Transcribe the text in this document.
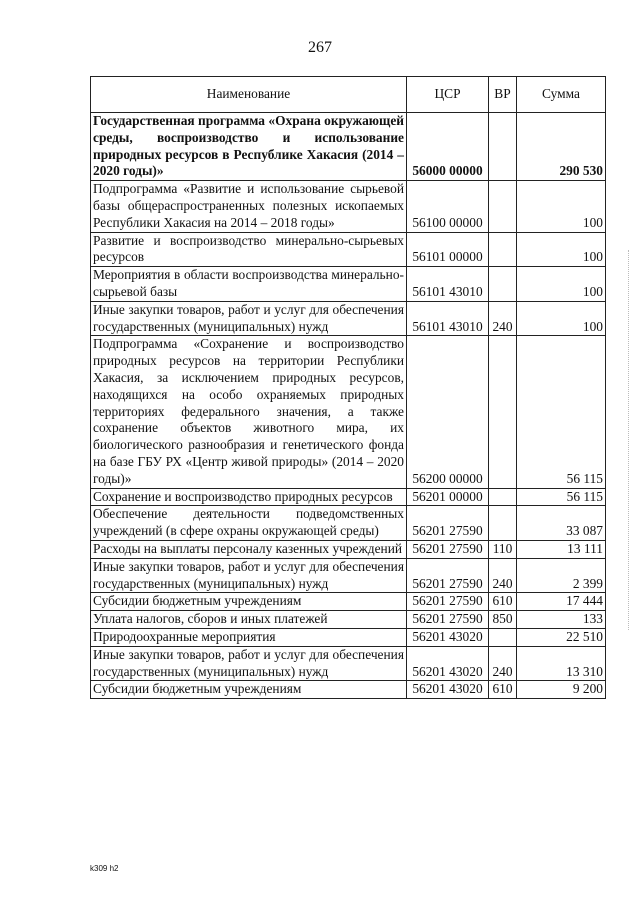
267
Наименование	ЦСР	ВР	Сумма
Государственная программа «Охрана окружающей среды, воспроизводство и использование природных ресурсов в Республике Хакасия (2014 – 2020 годы)»	56000 00000		290 530
Подпрограмма «Развитие и использование сырьевой базы общераспространенных полезных ископаемых Республики Хакасия на 2014 – 2018 годы»	56100 00000		100
Развитие и воспроизводство минерально-сырьевых ресурсов	56101 00000		100
Мероприятия в области воспроизводства минерально-сырьевой базы	56101 43010		100
Иные закупки товаров, работ и услуг для обеспечения государственных (муниципальных) нужд	56101 43010	240	100
Подпрограмма «Сохранение и воспроизводство природных ресурсов на территории Республики Хакасия, за исключением природных ресурсов, находящихся на особо охраняемых природных территориях федерального значения, а также сохранение объектов животного мира, их биологического разнообразия и генетического фонда на базе ГБУ РХ «Центр живой природы» (2014 – 2020 годы)»	56200 00000		56 115
Сохранение и воспроизводство природных ресурсов	56201 00000		56 115
Обеспечение деятельности подведомственных учреждений (в сфере охраны окружающей среды)	56201 27590		33 087
Расходы на выплаты персоналу казенных учреждений	56201 27590	110	13 111
Иные закупки товаров, работ и услуг для обеспечения государственных (муниципальных) нужд	56201 27590	240	2 399
Субсидии бюджетным учреждениям	56201 27590	610	17 444
Уплата налогов, сборов и иных платежей	56201 27590	850	133
Природоохранные мероприятия	56201 43020		22 510
Иные закупки товаров, работ и услуг для обеспечения государственных (муниципальных) нужд	56201 43020	240	13 310
Субсидии бюджетным учреждениям	56201 43020	610	9 200
k309 h2
